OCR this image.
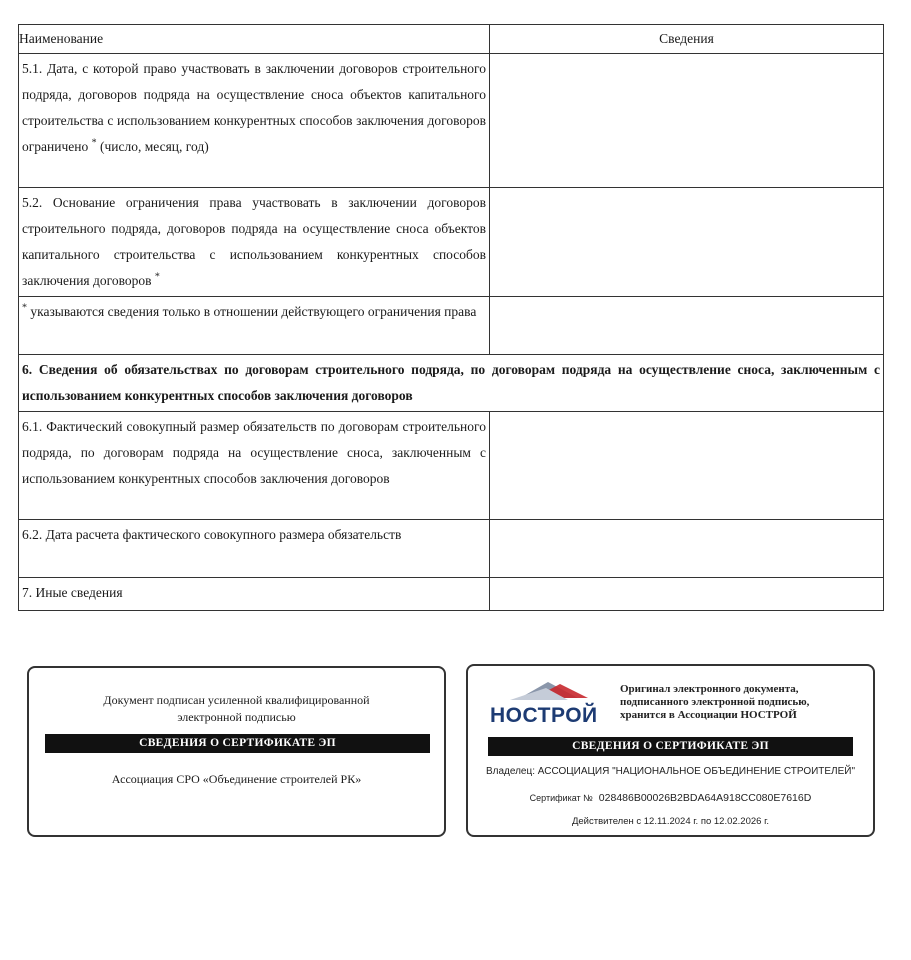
Наименование	Сведения
5.1. Дата, с которой право участвовать в заключении договоров строительного подряда, договоров подряда на осуществление сноса объектов капитального строительства с использованием конкурентных способов заключения договоров ограничено * (число, месяц, год)	
5.2. Основание ограничения права участвовать в заключении договоров строительного подряда, договоров подряда на осуществление сноса объектов капитального строительства с использованием конкурентных способов заключения договоров *	
* указываются сведения только в отношении действующего ограничения права	
6. Сведения об обязательствах по договорам строительного подряда, по договорам подряда на осуществление сноса, заключенным с использованием конкурентных способов заключения договоров	
6.1. Фактический совокупный размер обязательств по договорам строительного подряда, по договорам подряда на осуществление сноса, заключенным с использованием конкурентных способов заключения договоров	
6.2. Дата расчета фактического совокупного размера обязательств	
7. Иные сведения	
Документ подписан усиленной квалифицированной
электронной подписью
СВЕДЕНИЯ О СЕРТИФИКАТЕ ЭП
Ассоциация СРО «Объединение строителей РК»
НОСТРОЙ
Оригинал электронного документа,
подписанного электронной подписью,
хранится в Ассоциации НОСТРОЙ
СВЕДЕНИЯ О СЕРТИФИКАТЕ ЭП
Владелец: АССОЦИАЦИЯ "НАЦИОНАЛЬНОЕ ОБЪЕДИНЕНИЕ СТРОИТЕЛЕЙ"
Сертификат № 028486B00026B2BDA64A918CC080E7616D
Действителен с 12.11.2024 г. по 12.02.2026 г.
